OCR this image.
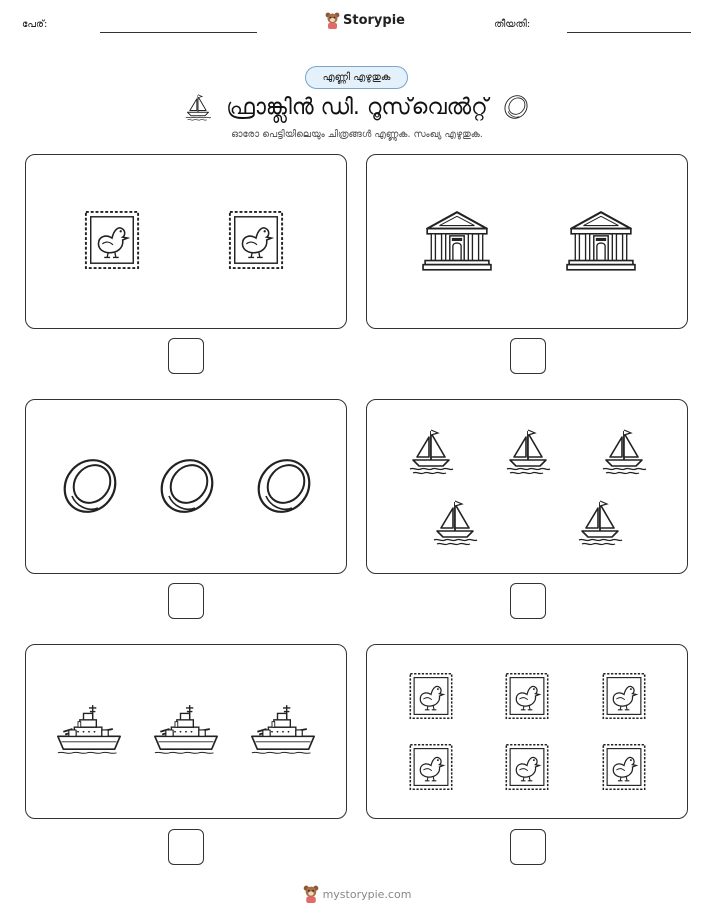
പേര്:	Storypie	തീയതി:
എണ്ണി എഴുതുക
ഫ്രാങ്ക്ലിൻ ഡി. റൂസ്‌വെൽറ്റ്
ഓരോ പെട്ടിയിലെയും ചിത്രങ്ങൾ എണ്ണുക. സംഖ്യ എഴുതുക.
mystorypie.com
